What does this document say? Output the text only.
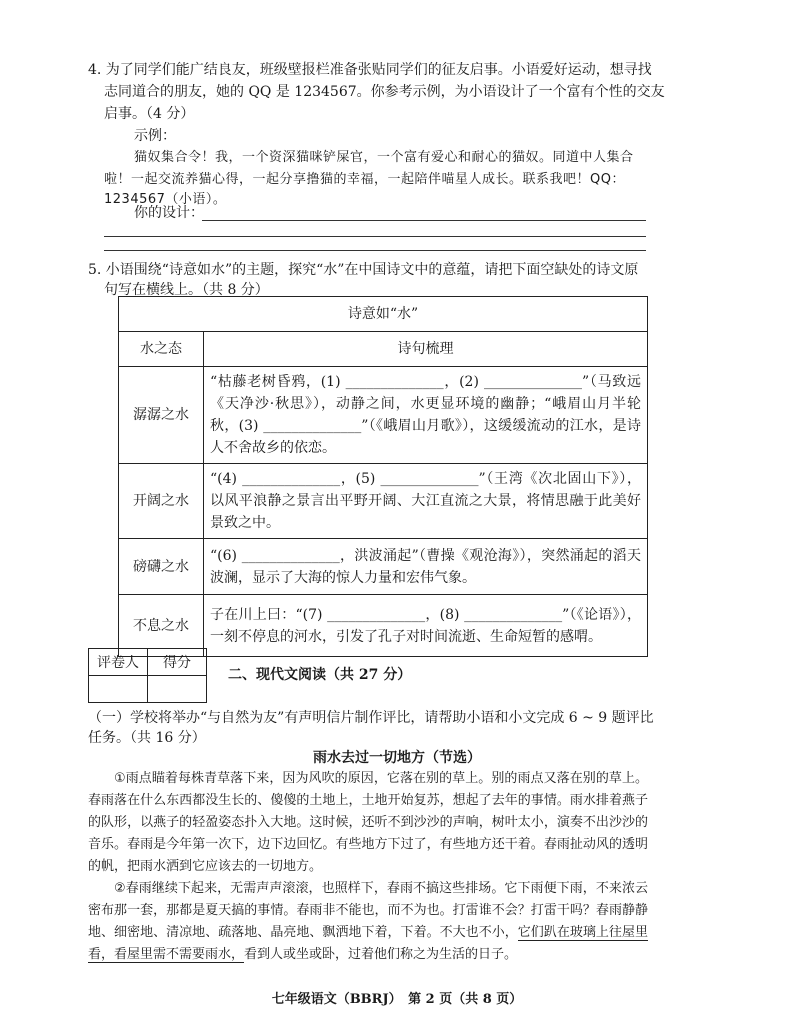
4. 为了同学们能广结良友，班级壁报栏准备张贴同学们的征友启事。小语爱好运动，想寻找
志同道合的朋友，她的 QQ 是 1234567。你参考示例，为小语设计了一个富有个性的交友
启事。（4 分）
示例：
猫奴集合令！我，一个资深猫咪铲屎官，一个富有爱心和耐心的猫奴。同道中人集合
啦！一起交流养猫心得，一起分享撸猫的幸福，一起陪伴喵星人成长。联系我吧！QQ：
1234567（小语）。
你的设计：
5. 小语围绕“诗意如水”的主题，探究“水”在中国诗文中的意蕴，请把下面空缺处的诗文原
句写在横线上。（共 8 分）
诗意如“水”	
水之态	诗句梳理
潺潺之水	“枯藤老树昏鸦，(1) ______________，(2) ______________”（马致远《天净沙·秋思》），动静之间，水更显环境的幽静；“峨眉山月半轮秋，(3) ______________”（《峨眉山月歌》），这缓缓流动的江水，是诗人不舍故乡的依恋。
开阔之水	“(4) ______________，(5) ______________”（王湾《次北固山下》），以风平浪静之景言出平野开阔、大江直流之大景，将情思融于此美好景致之中。
磅礴之水	“(6) ______________，洪波涌起”（曹操《观沧海》），突然涌起的滔天波澜，显示了大海的惊人力量和宏伟气象。
不息之水	子在川上曰：“(7) ______________，(8) ______________”（《论语》），一刻不停息的河水，引发了孔子对时间流逝、生命短暂的感喟。
评卷人	得分

二、现代文阅读（共 27 分）
（一）学校将举办“与自然为友”有声明信片制作评比，请帮助小语和小文完成 6 ~ 9 题评比
任务。（共 16 分）
雨水去过一切地方（节选）
①雨点瞄着每株青草落下来，因为风吹的原因，它落在别的草上。别的雨点又落在别的草上。春雨落在什么东西都没生长的、傻傻的土地上，土地开始复苏，想起了去年的事情。雨水排着燕子的队形，以燕子的轻盈姿态扑入大地。这时候，还听不到沙沙的声响，树叶太小，演奏不出沙沙的音乐。春雨是今年第一次下，边下边回忆。有些地方下过了，有些地方还干着。春雨扯动风的透明的帆，把雨水洒到它应该去的一切地方。
②春雨继续下起来，无需声声滚滚，也照样下，春雨不搞这些排场。它下雨便下雨，不来浓云密布那一套，那都是夏天搞的事情。春雨非不能也，而不为也。打雷谁不会？打雷干吗？春雨静静地、细密地、清凉地、疏落地、晶亮地、飘洒地下着，下着。不大也不小，它们趴在玻璃上往屋里看，看屋里需不需要雨水，看到人或坐或卧，过着他们称之为生活的日子。
七年级语文（BBRJ）　第 2 页（共 8 页）
